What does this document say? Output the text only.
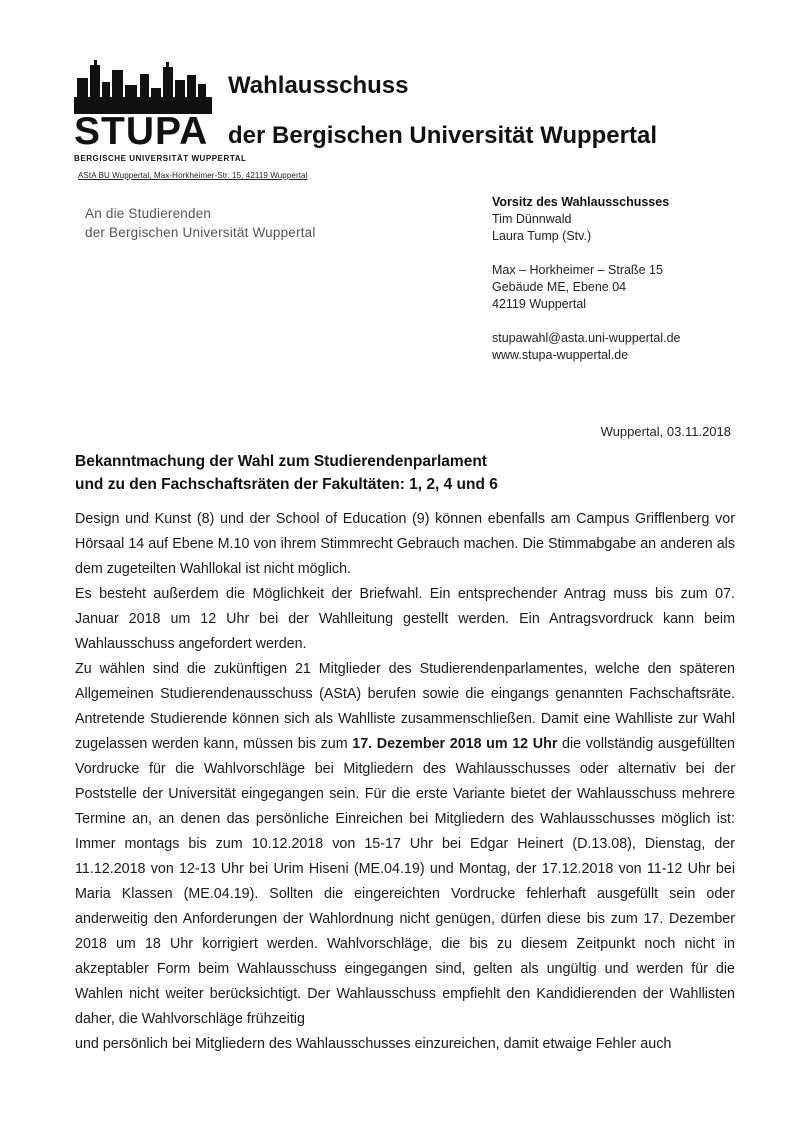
STUPA
BERGISCHE UNIVERSITÄT WUPPERTAL
Wahlausschuss
der Bergischen Universität Wuppertal
AStA BU Wuppertal, Max-Horkheimer-Str. 15, 42119 Wuppertal
An die Studierenden
der Bergischen Universität Wuppertal
Vorsitz des Wahlausschusses
Tim Dünnwald
Laura Tump (Stv.)
Max – Horkheimer – Straße 15
Gebäude ME, Ebene 04
42119 Wuppertal
stupawahl@asta.uni-wuppertal.de
www.stupa-wuppertal.de
Wuppertal, 03.11.2018
Bekanntmachung der Wahl zum Studierendenparlament
und zu den Fachschaftsräten der Fakultäten: 1, 2, 4 und 6

Design und Kunst (8) und der School of Education (9) können ebenfalls am Campus Grifflenberg vor Hörsaal 14 auf Ebene M.10 von ihrem Stimmrecht Gebrauch machen. Die Stimmabgabe an anderen als dem zugeteilten Wahllokal ist nicht möglich.

Es besteht außerdem die Möglichkeit der Briefwahl. Ein entsprechender Antrag muss bis zum 07. Januar 2018 um 12 Uhr bei der Wahlleitung gestellt werden. Ein Antragsvordruck kann beim Wahlausschuss angefordert werden.

Zu wählen sind die zukünftigen 21 Mitglieder des Studierendenparlamentes, welche den späteren Allgemeinen Studierendenausschuss (AStA) berufen sowie die eingangs genannten Fachschaftsräte. Antretende Studierende können sich als Wahlliste zusammenschließen. Damit eine Wahlliste zur Wahl zugelassen werden kann, müssen bis zum 17. Dezember 2018 um 12 Uhr die vollständig ausgefüllten Vordrucke für die Wahlvorschläge bei Mitgliedern des Wahlausschusses oder alternativ bei der Poststelle der Universität eingegangen sein. Für die erste Variante bietet der Wahlausschuss mehrere Termine an, an denen das persönliche Einreichen bei Mitgliedern des Wahlausschusses möglich ist: Immer montags bis zum 10.12.2018 von 15-17 Uhr bei Edgar Heinert (D.13.08), Dienstag, der 11.12.2018 von 12-13 Uhr bei Urim Hiseni (ME.04.19) und Montag, der 17.12.2018 von 11-12 Uhr bei Maria Klassen (ME.04.19). Sollten die eingereichten Vordrucke fehlerhaft ausgefüllt sein oder anderweitig den Anforderungen der Wahlordnung nicht genügen, dürfen diese bis zum 17. Dezember 2018 um 18 Uhr korrigiert werden. Wahlvorschläge, die bis zu diesem Zeitpunkt noch nicht in akzeptabler Form beim Wahlausschuss eingegangen sind, gelten als ungültig und werden für die Wahlen nicht weiter berücksichtigt. Der Wahlausschuss empfiehlt den Kandidierenden der Wahllisten daher, die Wahlvorschläge frühzeitig

und persönlich bei Mitgliedern des Wahlausschusses einzureichen, damit etwaige Fehler auch
